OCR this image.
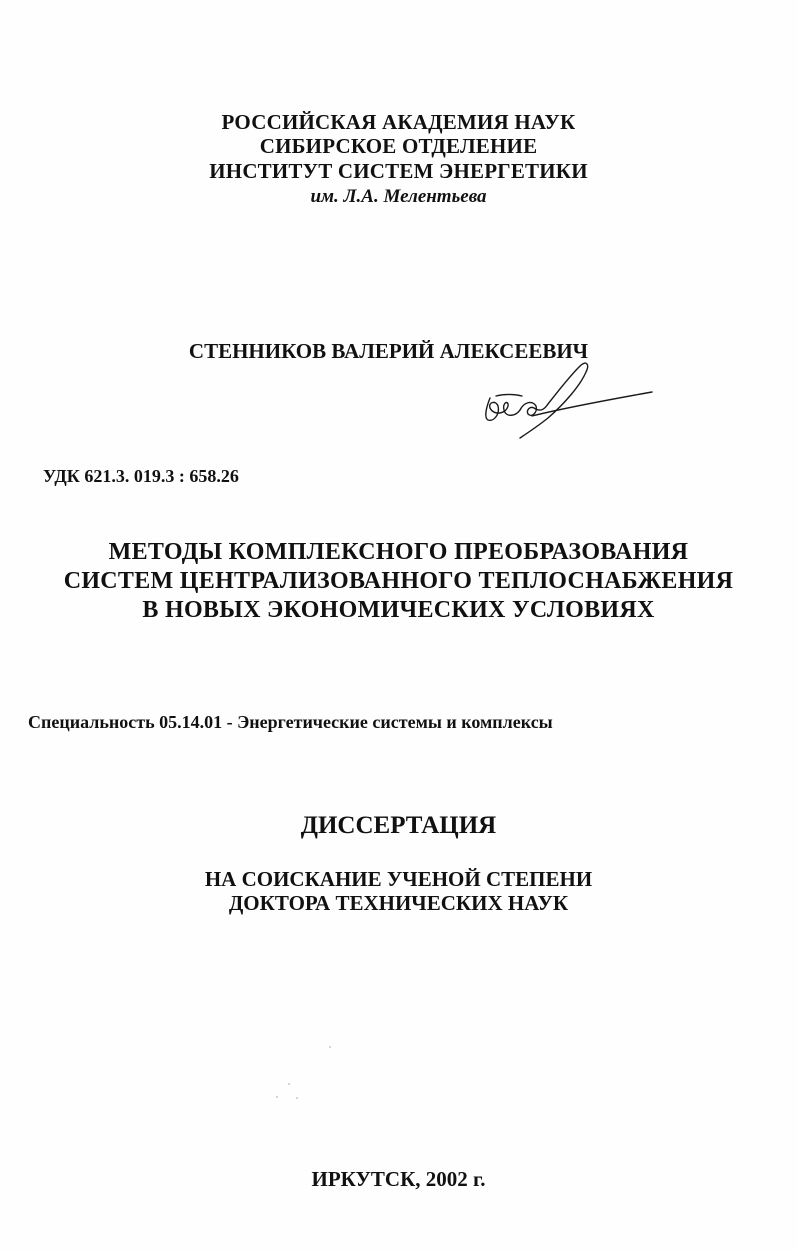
РОССИЙСКАЯ АКАДЕМИЯ НАУК
СИБИРСКОЕ ОТДЕЛЕНИЕ
ИНСТИТУТ СИСТЕМ ЭНЕРГЕТИКИ
им. Л.А. Мелентьева
СТЕННИКОВ ВАЛЕРИЙ АЛЕКСЕЕВИЧ
УДК 621.3. 019.3 : 658.26
МЕТОДЫ КОМПЛЕКСНОГО ПРЕОБРАЗОВАНИЯ
СИСТЕМ ЦЕНТРАЛИЗОВАННОГО ТЕПЛОСНАБЖЕНИЯ
В НОВЫХ ЭКОНОМИЧЕСКИХ УСЛОВИЯХ
Специальность 05.14.01 - Энергетические системы и комплексы
ДИССЕРТАЦИЯ
НА СОИСКАНИЕ УЧЕНОЙ СТЕПЕНИ
ДОКТОРА ТЕХНИЧЕСКИХ НАУК
ИРКУТСК, 2002 г.
